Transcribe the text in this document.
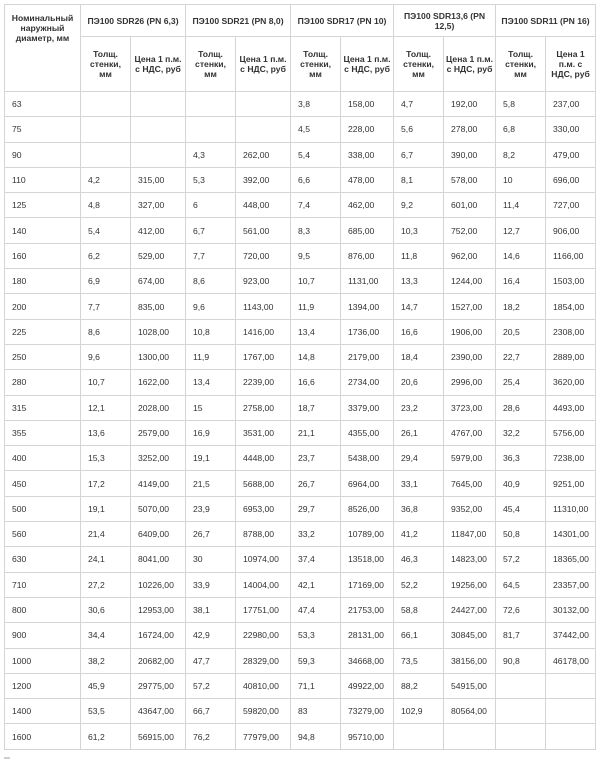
Номинальный наружный диаметр, мм	ПЭ100 SDR26 (PN 6,3)		ПЭ100 SDR21 (PN 8,0)		ПЭ100 SDR17 (PN 10)		ПЭ100 SDR13,6 (PN 12,5)		ПЭ100 SDR11 (PN 16)	
	Толщ. стенки, мм	Цена 1 п.м. с НДС, руб	Толщ. стенки, мм	Цена 1 п.м. с НДС, руб	Толщ. стенки, мм	Цена 1 п.м. с НДС, руб	Толщ. стенки, мм	Цена 1 п.м. с НДС, руб	Толщ. стенки, мм	Цена 1 п.м. с НДС, руб
63					3,8	158,00	4,7	192,00	5,8	237,00
75					4,5	228,00	5,6	278,00	6,8	330,00
90			4,3	262,00	5,4	338,00	6,7	390,00	8,2	479,00
110	4,2	315,00	5,3	392,00	6,6	478,00	8,1	578,00	10	696,00
125	4,8	327,00	6	448,00	7,4	462,00	9,2	601,00	11,4	727,00
140	5,4	412,00	6,7	561,00	8,3	685,00	10,3	752,00	12,7	906,00
160	6,2	529,00	7,7	720,00	9,5	876,00	11,8	962,00	14,6	1166,00
180	6,9	674,00	8,6	923,00	10,7	1131,00	13,3	1244,00	16,4	1503,00
200	7,7	835,00	9,6	1143,00	11,9	1394,00	14,7	1527,00	18,2	1854,00
225	8,6	1028,00	10,8	1416,00	13,4	1736,00	16,6	1906,00	20,5	2308,00
250	9,6	1300,00	11,9	1767,00	14,8	2179,00	18,4	2390,00	22,7	2889,00
280	10,7	1622,00	13,4	2239,00	16,6	2734,00	20,6	2996,00	25,4	3620,00
315	12,1	2028,00	15	2758,00	18,7	3379,00	23,2	3723,00	28,6	4493,00
355	13,6	2579,00	16,9	3531,00	21,1	4355,00	26,1	4767,00	32,2	5756,00
400	15,3	3252,00	19,1	4448,00	23,7	5438,00	29,4	5979,00	36,3	7238,00
450	17,2	4149,00	21,5	5688,00	26,7	6964,00	33,1	7645,00	40,9	9251,00
500	19,1	5070,00	23,9	6953,00	29,7	8526,00	36,8	9352,00	45,4	11310,00
560	21,4	6409,00	26,7	8788,00	33,2	10789,00	41,2	11847,00	50,8	14301,00
630	24,1	8041,00	30	10974,00	37,4	13518,00	46,3	14823,00	57,2	18365,00
710	27,2	10226,00	33,9	14004,00	42,1	17169,00	52,2	19256,00	64,5	23357,00
800	30,6	12953,00	38,1	17751,00	47,4	21753,00	58,8	24427,00	72,6	30132,00
900	34,4	16724,00	42,9	22980,00	53,3	28131,00	66,1	30845,00	81,7	37442,00
1000	38,2	20682,00	47,7	28329,00	59,3	34668,00	73,5	38156,00	90,8	46178,00
1200	45,9	29775,00	57,2	40810,00	71,1	49922,00	88,2	54915,00		
1400	53,5	43647,00	66,7	59820,00	83	73279,00	102,9	80564,00		
1600	61,2	56915,00	76,2	77979,00	94,8	95710,00				
